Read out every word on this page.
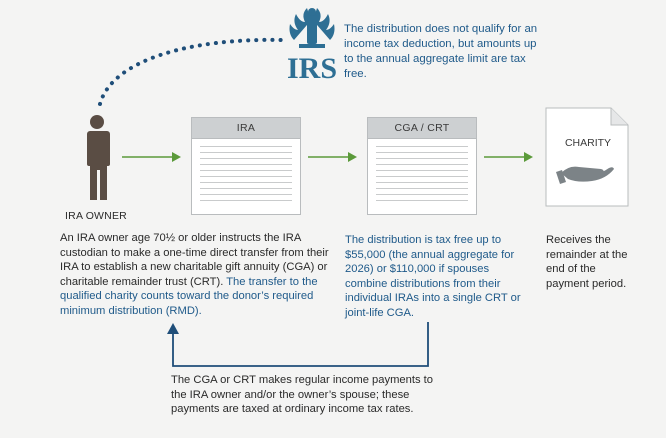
IRS
IRA	CGA / CRT
CHARITY
The distribution does not qualify for an income tax deduction, but amounts up to the annual aggregate limit are tax free.
IRA OWNER
An IRA owner age 70½ or older instructs the IRA custodian to make a one-time direct transfer from their IRA to establish a new charitable gift annuity (CGA) or charitable remainder trust (CRT). The transfer to the qualified charity counts toward the donor’s required minimum distribution (RMD).
The distribution is tax free up to $55,000 (the annual aggregate for 2026) or $110,000 if spouses combine distributions from their individual IRAs into a single CRT or joint-life CGA.
Receives the remainder at the end of the payment period.
The CGA or CRT makes regular income payments to the IRA owner and/or the owner’s spouse; these payments are taxed at ordinary income tax rates.
